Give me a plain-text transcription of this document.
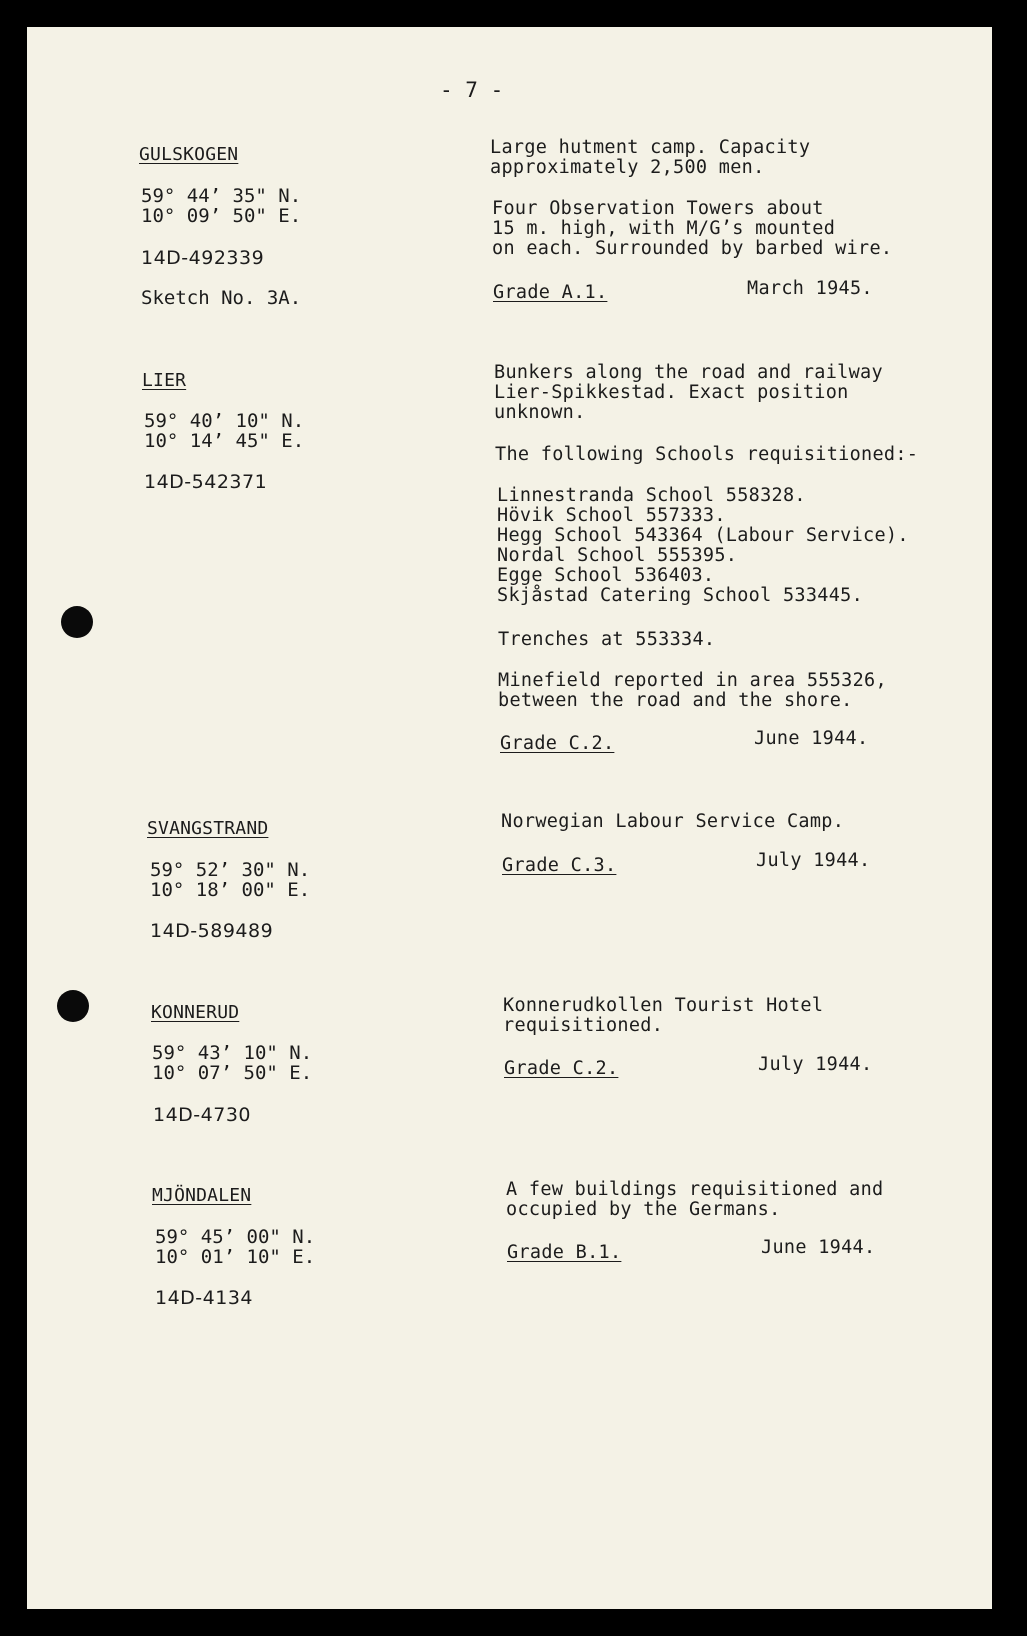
- 7 -
GULSKOGEN
59° 44’ 35" N.
10° 09’ 50" E.
14D-492339
Sketch No. 3A.
Large hutment camp. Capacity
approximately 2,500 men.
Four Observation Towers about
15 m. high, with M/G’s mounted
on each. Surrounded by barbed wire.
Grade A.1.	March 1945.
LIER
59° 40’ 10" N.
10° 14’ 45" E.
14D-542371
Bunkers along the road and railway
Lier-Spikkestad. Exact position
unknown.
The following Schools requisitioned:-
Linnestranda School 558328.
Hövik School 557333.
Hegg School 543364 (Labour Service).
Nordal School 555395.
Egge School 536403.
Skjåstad Catering School 533445.
Trenches at 553334.
Minefield reported in area 555326,
between the road and the shore.
Grade C.2.	June 1944.
SVANGSTRAND
59° 52’ 30" N.
10° 18’ 00" E.
14D-589489
Norwegian Labour Service Camp.
Grade C.3.	July 1944.
KONNERUD
59° 43’ 10" N.
10° 07’ 50" E.
14D-4730
Konnerudkollen Tourist Hotel
requisitioned.
Grade C.2.	July 1944.
MJÖNDALEN
59° 45’ 00" N.
10° 01’ 10" E.
14D-4134
A few buildings requisitioned and
occupied by the Germans.
Grade B.1.	June 1944.
